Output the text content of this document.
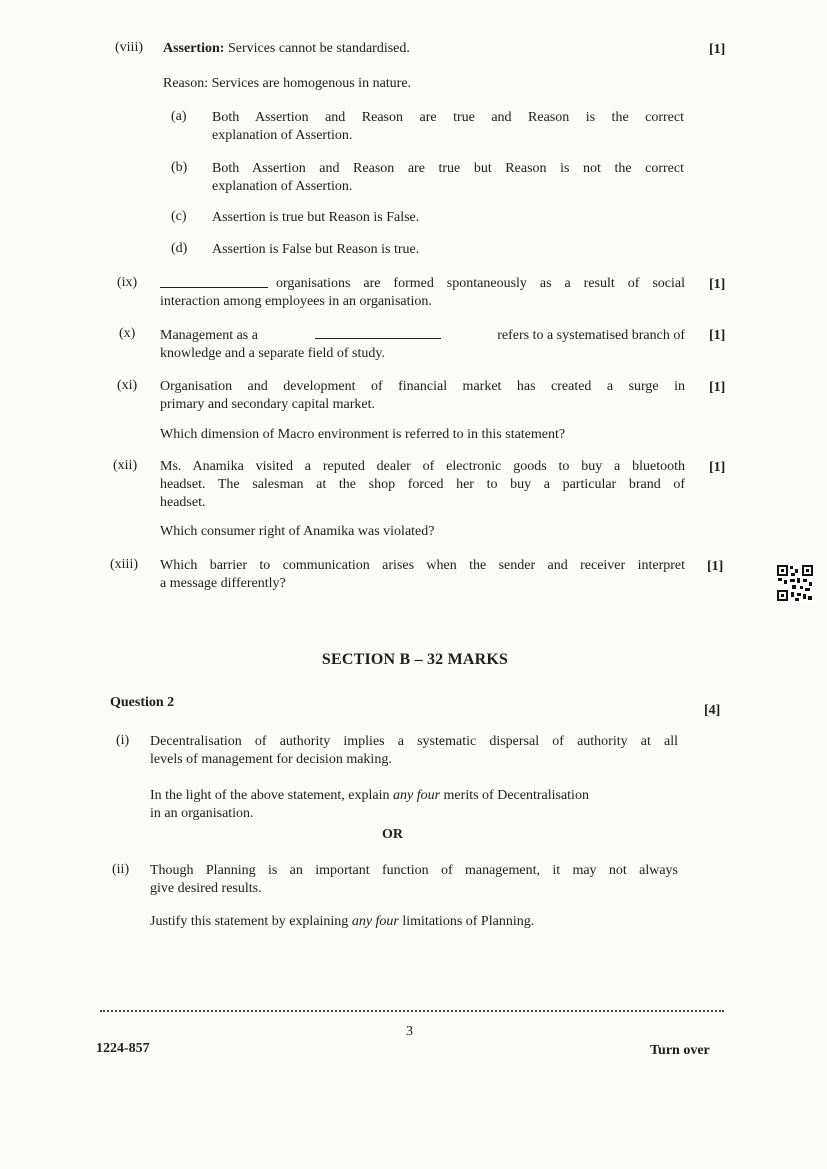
(viii) Assertion: Services cannot be standardised.	[1]
Reason: Services are homogenous in nature.
(a) Both Assertion and Reason are true and Reason is the correct
explanation of Assertion.
(b) Both Assertion and Reason are true but Reason is not the correct
explanation of Assertion.
(c) Assertion is true but Reason is False.
(d) Assertion is False but Reason is true.
(ix)	organisations are formed spontaneously as a result of social
interaction among employees in an organisation.
[1]
(x) Management as a	refers to a systematised branch of
knowledge and a separate field of study.
[1]
(xi) Organisation and development of financial market has created a surge in
primary and secondary capital market.
[1]
Which dimension of Macro environment is referred to in this statement?
(xii) Ms. Anamika visited a reputed dealer of electronic goods to buy a bluetooth
headset. The salesman at the shop forced her to buy a particular brand of
headset.
[1]
Which consumer right of Anamika was violated?
(xiii) Which barrier to communication arises when the sender and receiver interpret
a message differently?
[1]
SECTION B – 32 MARKS
Question 2
[4]
(i) Decentralisation of authority implies a systematic dispersal of authority at all
levels of management for decision making.
In the light of the above statement, explain any four merits of Decentralisation
in an organisation.
OR
(ii) Though Planning is an important function of management, it may not always
give desired results.
Justify this statement by explaining any four limitations of Planning.
3
1224-857	Turn over
